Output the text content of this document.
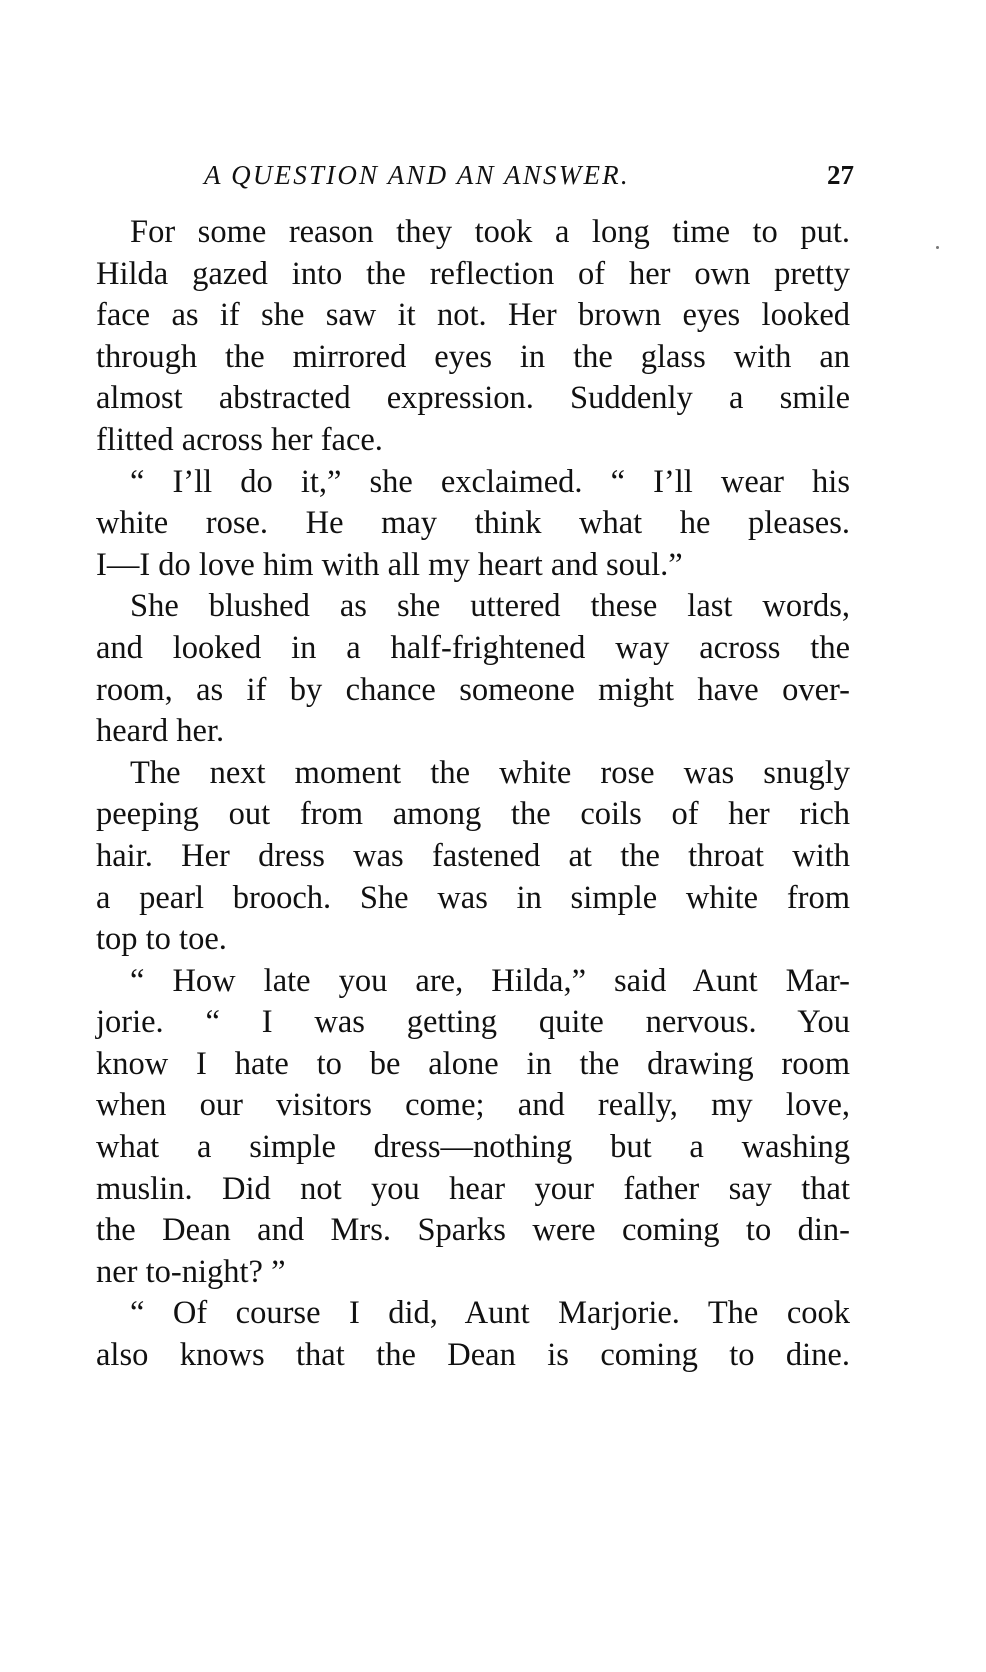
A QUESTION AND AN ANSWER.	27
For some reason they took a long time to put.
Hilda gazed into the reflection of her own pretty
face as if she saw it not. Her brown eyes looked
through the mirrored eyes in the glass with an
almost abstracted expression. Suddenly a smile
flitted across her face.
“ I’ll do it,” she exclaimed. “ I’ll wear his
white rose. He may think what he pleases.
I—I do love him with all my heart and soul.”
She blushed as she uttered these last words,
and looked in a half-frightened way across the
room, as if by chance someone might have over-
heard her.
The next moment the white rose was snugly
peeping out from among the coils of her rich
hair. Her dress was fastened at the throat with
a pearl brooch. She was in simple white from
top to toe.
“ How late you are, Hilda,” said Aunt Mar-
jorie. “ I was getting quite nervous. You
know I hate to be alone in the drawing room
when our visitors come; and really, my love,
what a simple dress—nothing but a washing
muslin. Did not you hear your father say that
the Dean and Mrs. Sparks were coming to din-
ner to-night? ”
“ Of course I did, Aunt Marjorie. The cook
also knows that the Dean is coming to dine.
